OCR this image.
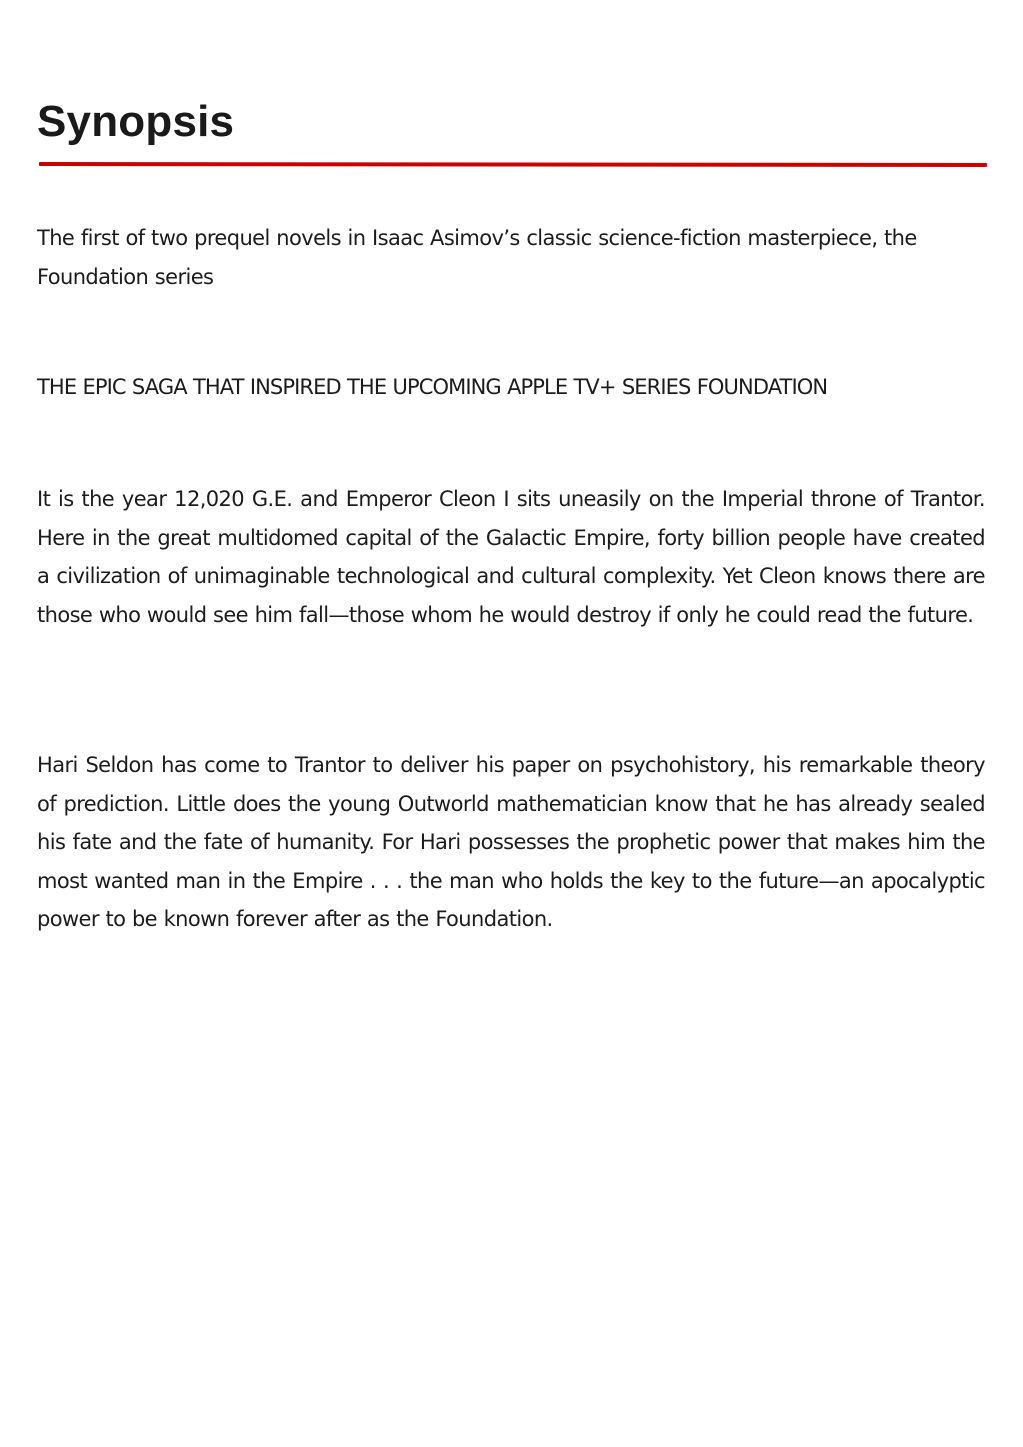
Synopsis

The first of two prequel novels in Isaac Asimov’s classic science-fiction masterpiece, the Foundation series

THE EPIC SAGA THAT INSPIRED THE UPCOMING APPLE TV+ SERIES FOUNDATION

It is the year 12,020 G.E. and Emperor Cleon I sits uneasily on the Imperial throne of Trantor. Here in the great multidomed capital of the Galactic Empire, forty billion people have created a civilization of unimaginable technological and cultural complexity. Yet Cleon knows there are those who would see him fall—those whom he would destroy if only he could read the future.

Hari Seldon has come to Trantor to deliver his paper on psychohistory, his remarkable theory of prediction. Little does the young Outworld mathematician know that he has already sealed his fate and the fate of humanity. For Hari possesses the prophetic power that makes him the most wanted man in the Empire . . . the man who holds the key to the future—an apocalyptic power to be known forever after as the Foundation.
